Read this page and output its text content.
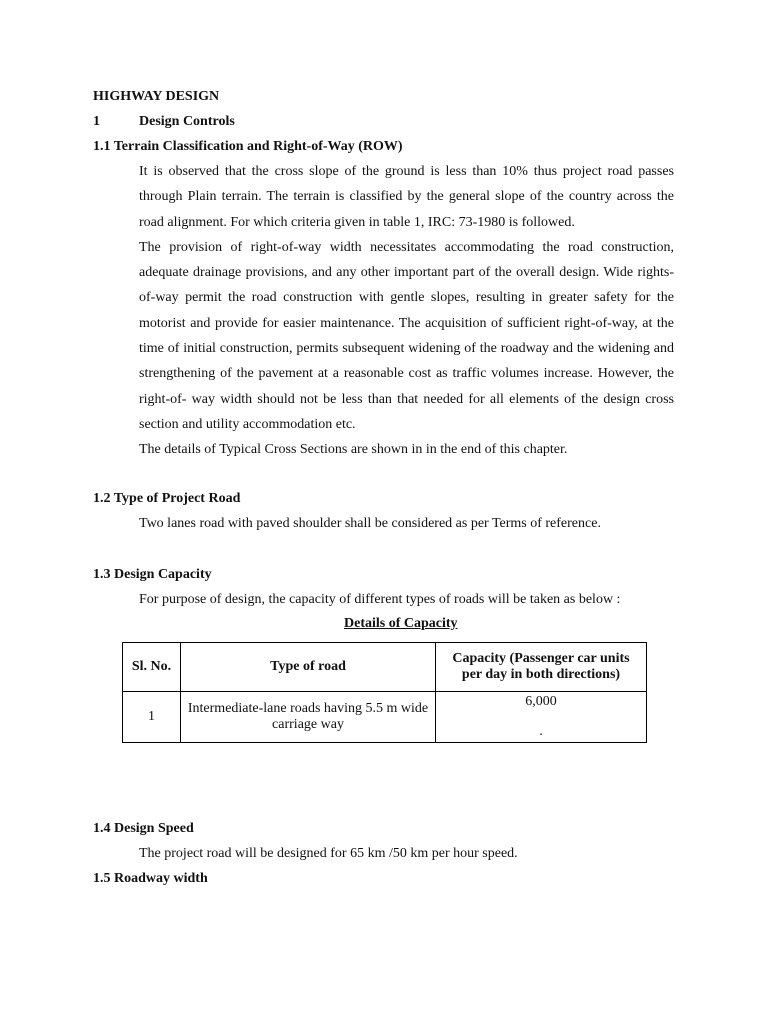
HIGHWAY DESIGN
1	Design Controls
1.1 Terrain Classification and Right-of-Way (ROW)

It is observed that the cross slope of the ground is less than 10% thus project road passes through Plain terrain. The terrain is classified by the general slope of the country across the road alignment. For which criteria given in table 1, IRC: 73-1980 is followed.

The provision of right-of-way width necessitates accommodating the road construction, adequate drainage provisions, and any other important part of the overall design. Wide rights-of-way permit the road construction with gentle slopes, resulting in greater safety for the motorist and provide for easier maintenance. The acquisition of sufficient right-of-way, at the time of initial construction, permits subsequent widening of the roadway and the widening and strengthening of the pavement at a reasonable cost as traffic volumes increase. However, the right-of- way width should not be less than that needed for all elements of the design cross section and utility accommodation etc.

The details of Typical Cross Sections are shown in in the end of this chapter.

1.2 Type of Project Road
Two lanes road with paved shoulder shall be considered as per Terms of reference.
1.3 Design Capacity
For purpose of design, the capacity of different types of roads will be taken as below :
Details of Capacity
Sl. No.	Type of road	Capacity (Passenger car units per day in both directions)
1	Intermediate-lane roads having 5.5 m wide carriage way	6,000
.
1.4 Design Speed
The project road will be designed for 65 km /50 km per hour speed.
1.5 Roadway width
